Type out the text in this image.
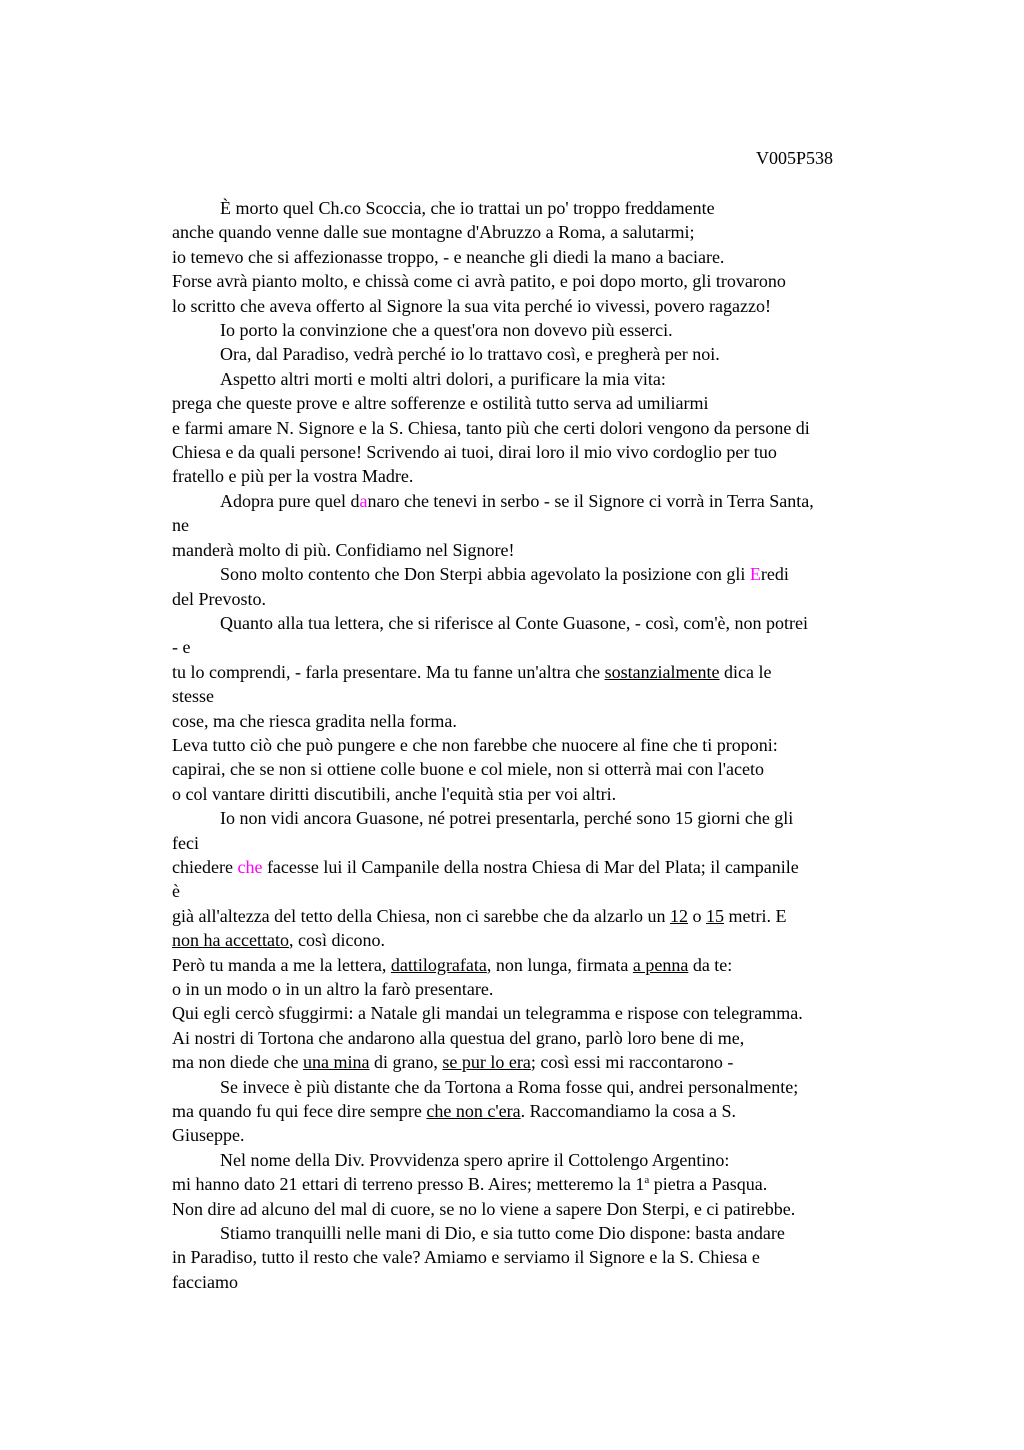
V005P538
È morto quel Ch.co Scoccia, che io trattai un po' troppo freddamente
anche quando venne dalle sue montagne d'Abruzzo a Roma, a salutarmi;
io temevo che si affezionasse troppo, - e neanche gli diedi la mano a baciare.
Forse avrà pianto molto, e chissà come ci avrà patito, e poi dopo morto, gli trovarono
lo scritto che aveva offerto al Signore la sua vita perché io vivessi, povero ragazzo!
Io porto la convinzione che a quest'ora non dovevo più esserci.
Ora, dal Paradiso, vedrà perché io lo trattavo così, e pregherà per noi.
Aspetto altri morti e molti altri dolori, a purificare la mia vita:
prega che queste prove e altre sofferenze e ostilità tutto serva ad umiliarmi
e farmi amare N. Signore e la S. Chiesa, tanto più che certi dolori vengono da persone di
Chiesa e da quali persone! Scrivendo ai tuoi, dirai loro il mio vivo cordoglio per tuo
fratello e più per la vostra Madre.
Adopra pure quel danaro che tenevi in serbo - se il Signore ci vorrà in Terra Santa,
ne
manderà molto di più. Confidiamo nel Signore!
Sono molto contento che Don Sterpi abbia agevolato la posizione con gli Eredi
del Prevosto.
Quanto alla tua lettera, che si riferisce al Conte Guasone, - così, com'è, non potrei
- e
tu lo comprendi, - farla presentare. Ma tu fanne un'altra che sostanzialmente dica le
stesse
cose, ma che riesca gradita nella forma.
Leva tutto ciò che può pungere e che non farebbe che nuocere al fine che ti proponi:
capirai, che se non si ottiene colle buone e col miele, non si otterrà mai con l'aceto
o col vantare diritti discutibili, anche l'equità stia per voi altri.
Io non vidi ancora Guasone, né potrei presentarla, perché sono 15 giorni che gli
feci
chiedere che facesse lui il Campanile della nostra Chiesa di Mar del Plata; il campanile
è
già all'altezza del tetto della Chiesa, non ci sarebbe che da alzarlo un 12 o 15 metri. E
non ha accettato, così dicono.
Però tu manda a me la lettera, dattilografata, non lunga, firmata a penna da te:
o in un modo o in un altro la farò presentare.
Qui egli cercò sfuggirmi: a Natale gli mandai un telegramma e rispose con telegramma.
Ai nostri di Tortona che andarono alla questua del grano, parlò loro bene di me,
ma non diede che una mina di grano, se pur lo era; così essi mi raccontarono -
Se invece è più distante che da Tortona a Roma fosse qui, andrei personalmente;
ma quando fu qui fece dire sempre che non c'era. Raccomandiamo la cosa a S.
Giuseppe.
Nel nome della Div. Provvidenza spero aprire il Cottolengo Argentino:
mi hanno dato 21 ettari di terreno presso B. Aires; metteremo la 1$^a$ pietra a Pasqua.
Non dire ad alcuno del mal di cuore, se no lo viene a sapere Don Sterpi, e ci patirebbe.
Stiamo tranquilli nelle mani di Dio, e sia tutto come Dio dispone: basta andare
in Paradiso, tutto il resto che vale? Amiamo e serviamo il Signore e la S. Chiesa e
facciamo
